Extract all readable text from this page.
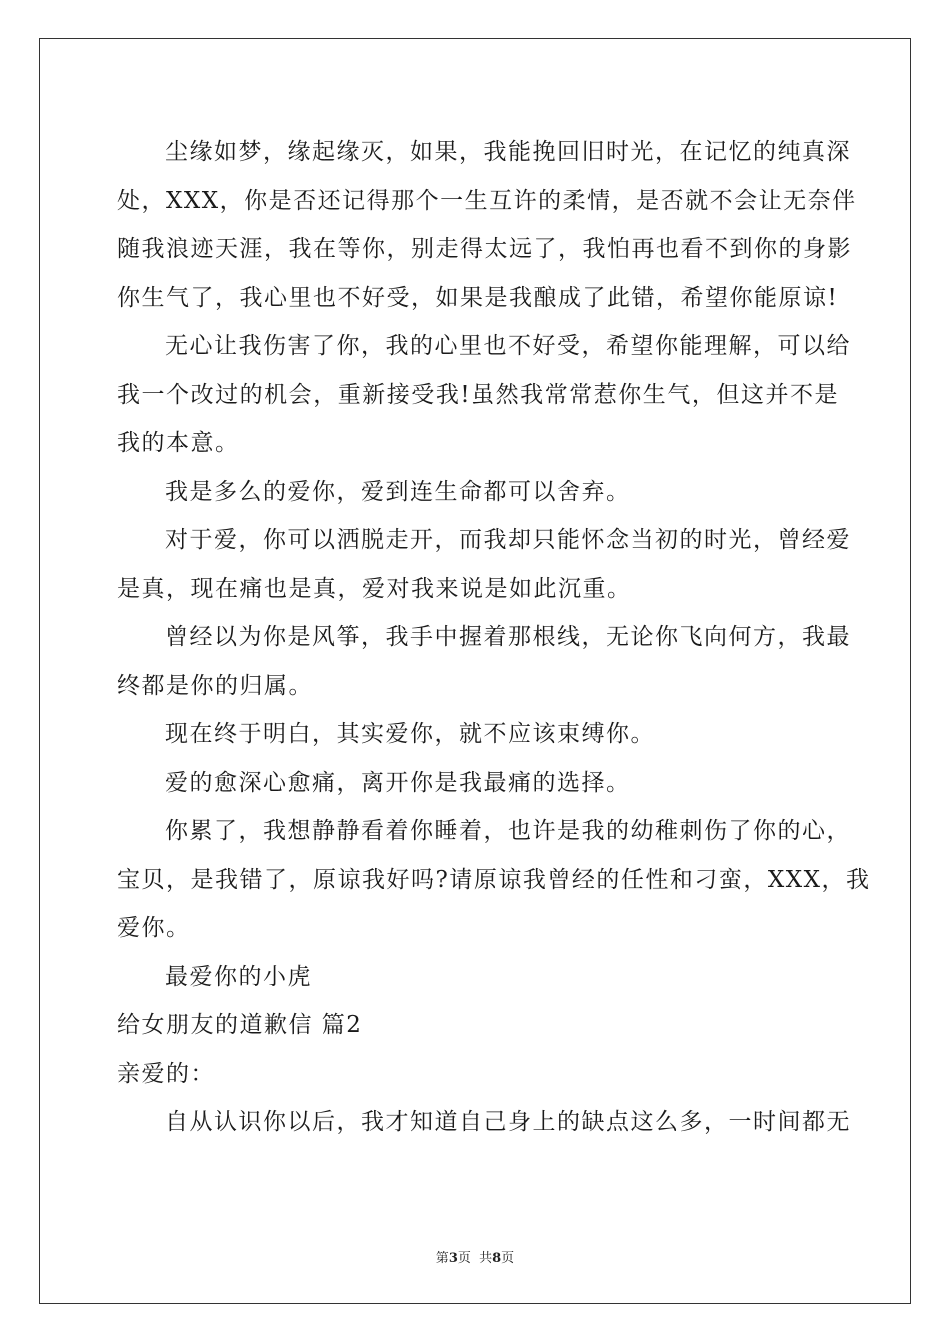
尘缘如梦，缘起缘灭，如果，我能挽回旧时光，在记忆的纯真深
处，XXX，你是否还记得那个一生互许的柔情，是否就不会让无奈伴
随我浪迹天涯，我在等你，别走得太远了，我怕再也看不到你的身影
你生气了，我心里也不好受，如果是我酿成了此错，希望你能原谅!
无心让我伤害了你，我的心里也不好受，希望你能理解，可以给
我一个改过的机会，重新接受我!虽然我常常惹你生气，但这并不是
我的本意。
我是多么的爱你，爱到连生命都可以舍弃。
对于爱，你可以洒脱走开，而我却只能怀念当初的时光，曾经爱
是真，现在痛也是真，爱对我来说是如此沉重。
曾经以为你是风筝，我手中握着那根线，无论你飞向何方，我最
终都是你的归属。
现在终于明白，其实爱你，就不应该束缚你。
爱的愈深心愈痛，离开你是我最痛的选择。
你累了，我想静静看着你睡着，也许是我的幼稚刺伤了你的心，
宝贝，是我错了，原谅我好吗?请原谅我曾经的任性和刁蛮，XXX，我
爱你。
最爱你的小虎
给女朋友的道歉信 篇2
亲爱的：
自从认识你以后，我才知道自己身上的缺点这么多，一时间都无
第3页  共8页
